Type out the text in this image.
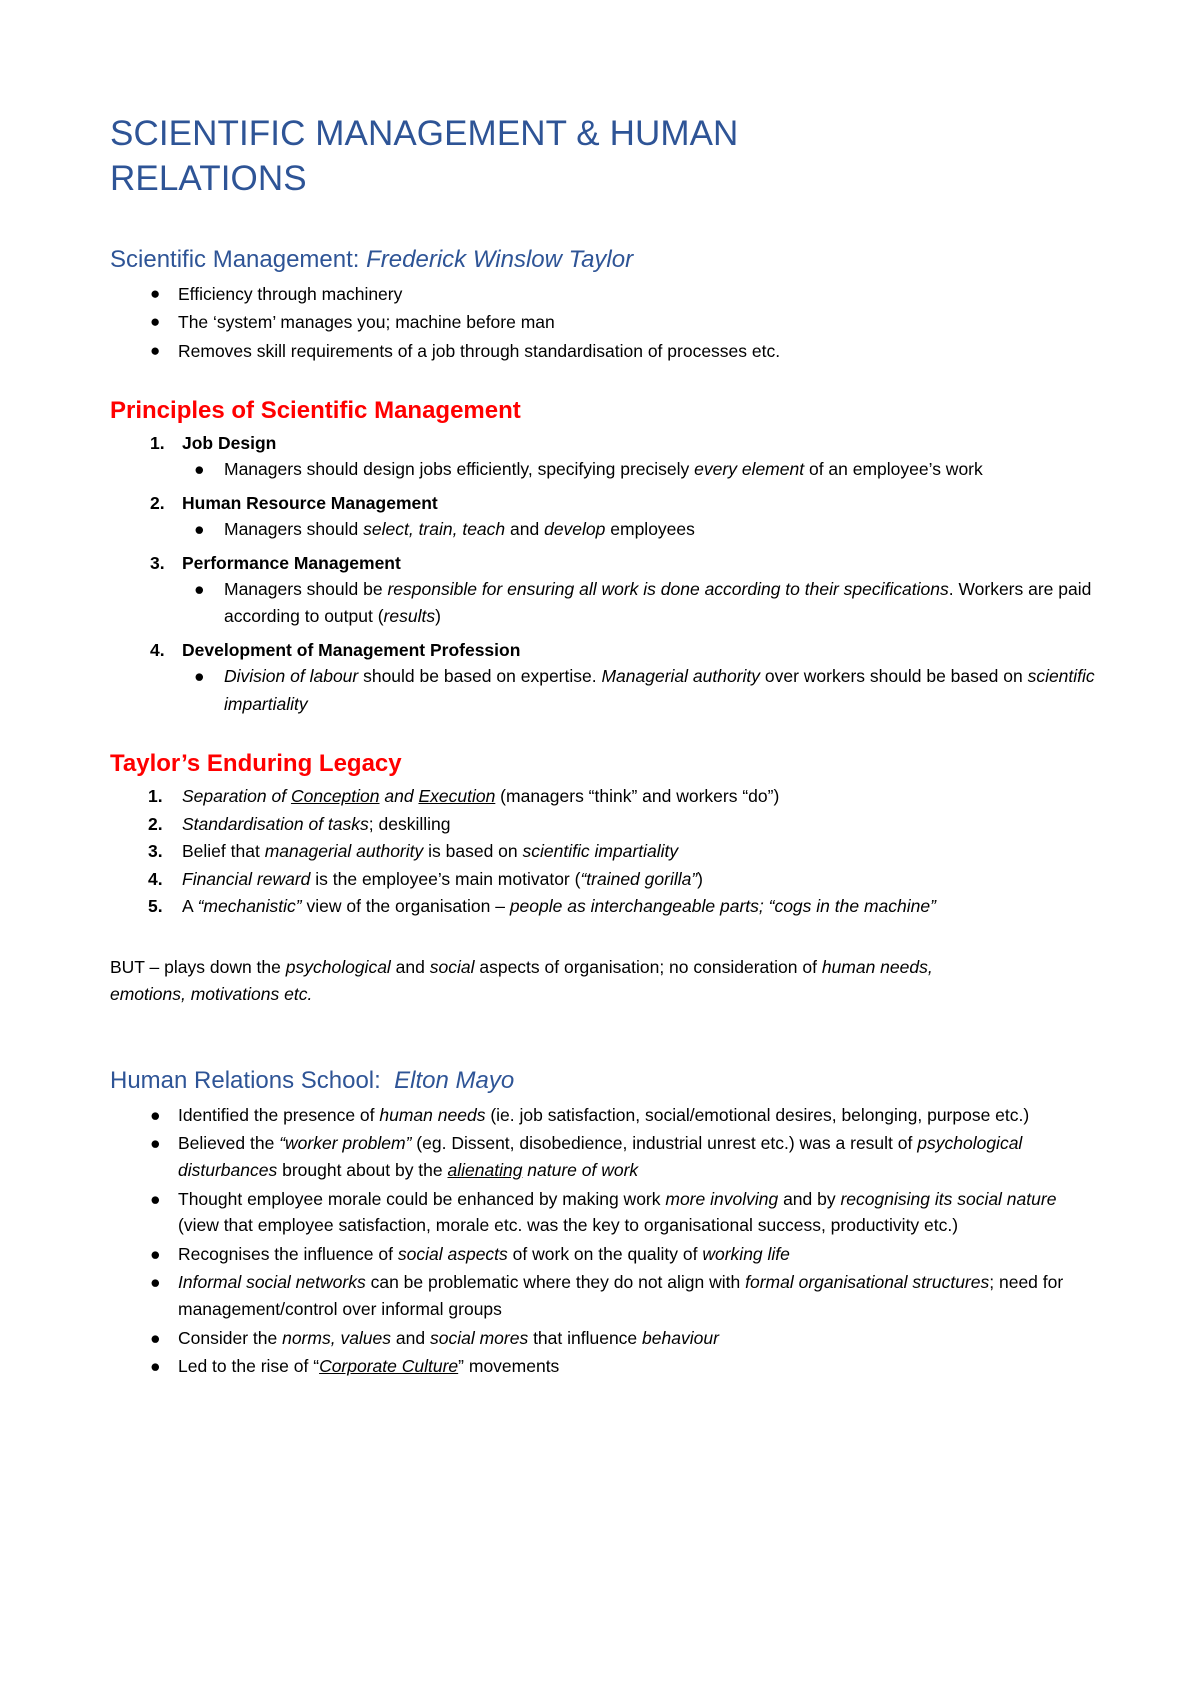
SCIENTIFIC MANAGEMENT & HUMAN RELATIONS
Scientific Management: Frederick Winslow Taylor
● Efficiency through machinery
● The ‘system’ manages you; machine before man
● Removes skill requirements of a job through standardisation of processes etc.
Principles of Scientific Management
1. Job Design
● Managers should design jobs efficiently, specifying precisely every element of an employee’s work
2. Human Resource Management
● Managers should select, train, teach and develop employees
3. Performance Management
● Managers should be responsible for ensuring all work is done according to their specifications. Workers are paid according to output (results)
4. Development of Management Profession
● Division of labour should be based on expertise. Managerial authority over workers should be based on scientific impartiality
Taylor’s Enduring Legacy
1. Separation of Conception and Execution (managers “think” and workers “do”)
2. Standardisation of tasks; deskilling
3. Belief that managerial authority is based on scientific impartiality
4. Financial reward is the employee’s main motivator (“trained gorilla”)
5. A “mechanistic” view of the organisation – people as interchangeable parts; “cogs in the machine”

BUT – plays down the psychological and social aspects of organisation; no consideration of human needs, emotions, motivations etc.

Human Relations School: Elton Mayo
● Identified the presence of human needs (ie. job satisfaction, social/emotional desires, belonging, purpose etc.)
● Believed the “worker problem” (eg. Dissent, disobedience, industrial unrest etc.) was a result of psychological disturbances brought about by the alienating nature of work
● Thought employee morale could be enhanced by making work more involving and by recognising its social nature (view that employee satisfaction, morale etc. was the key to organisational success, productivity etc.)
● Recognises the influence of social aspects of work on the quality of working life
● Informal social networks can be problematic where they do not align with formal organisational structures; need for management/control over informal groups
● Consider the norms, values and social mores that influence behaviour
● Led to the rise of “Corporate Culture” movements
